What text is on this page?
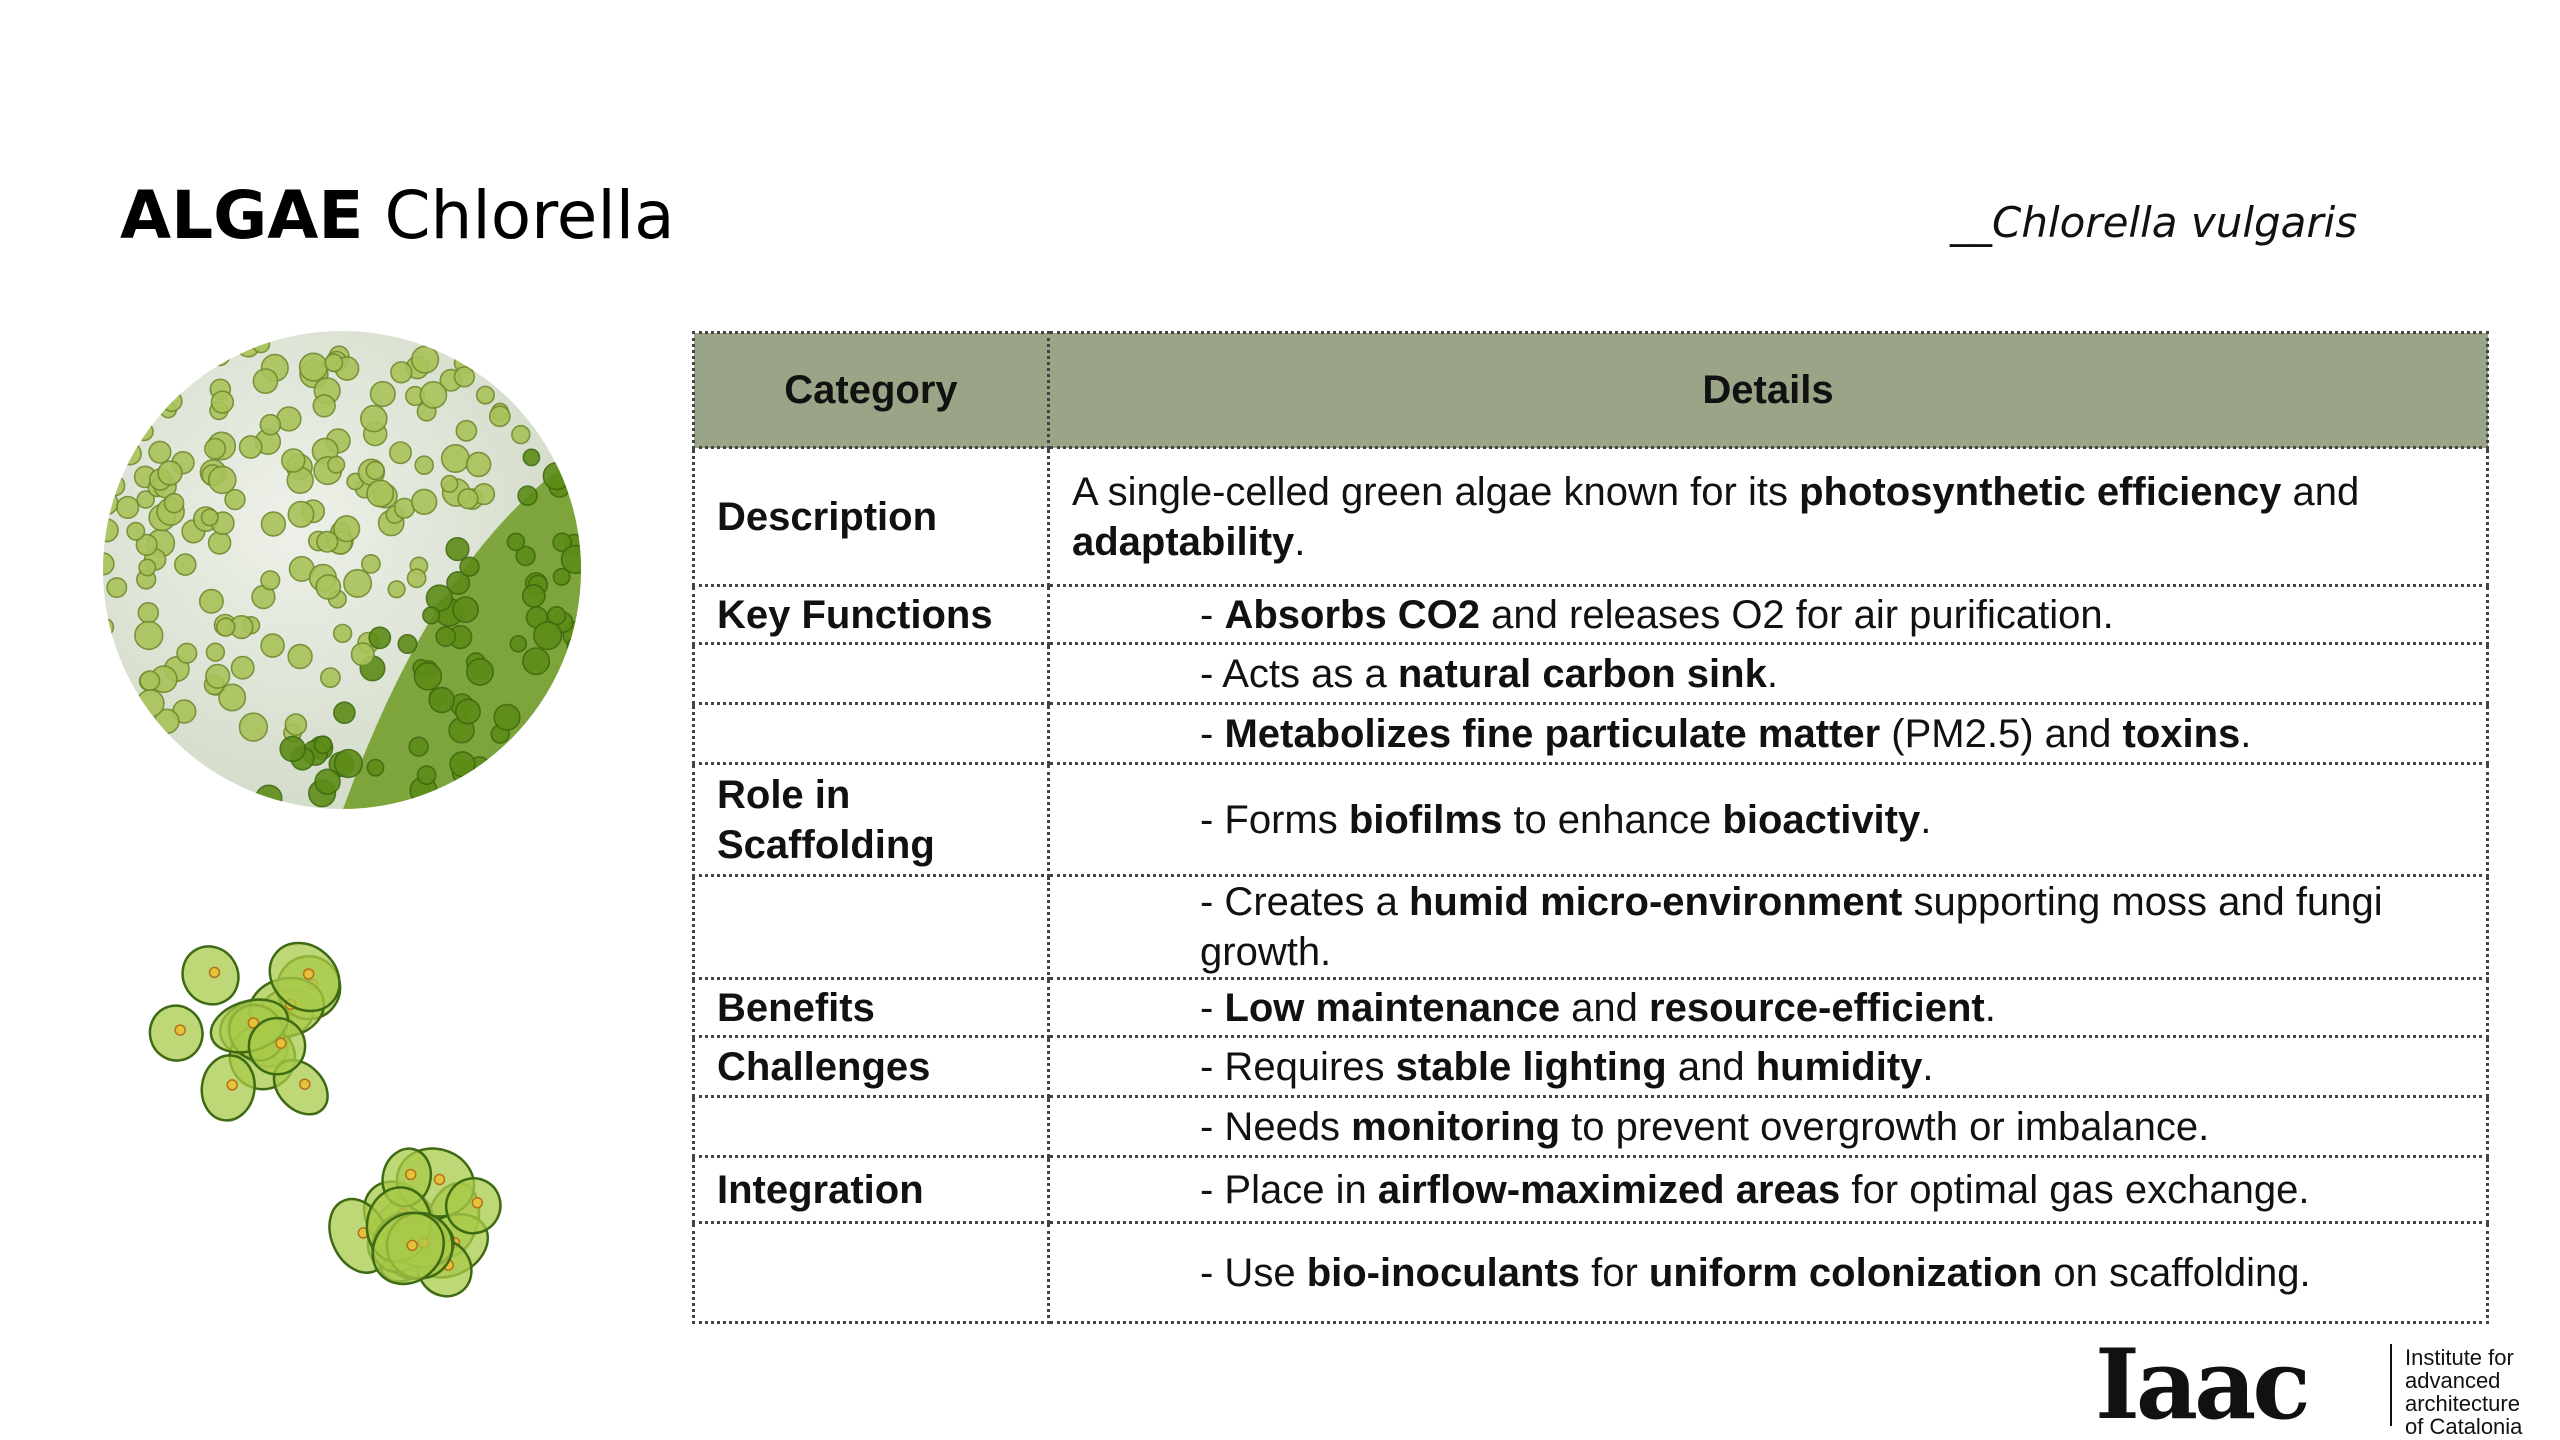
ALGAE Chlorella	__Chlorella vulgaris
Category	Details
Description	A single-celled green algae known for its photosynthetic efficiency and adaptability.
Key Functions	- Absorbs CO2 and releases O2 for air purification.
	- Acts as a natural carbon sink.
	- Metabolizes fine particulate matter (PM2.5) and toxins.
Role in Scaffolding	- Forms biofilms to enhance bioactivity.
	- Creates a humid micro-environment supporting moss and fungi growth.
Benefits	- Low maintenance and resource-efficient.
Challenges	- Requires stable lighting and humidity.
	- Needs monitoring to prevent overgrowth or imbalance.
Integration	- Place in airflow-maximized areas for optimal gas exchange.
	- Use bio-inoculants for uniform colonization on scaffolding.
Iaac	Institute for
advanced
architecture
of Catalonia
